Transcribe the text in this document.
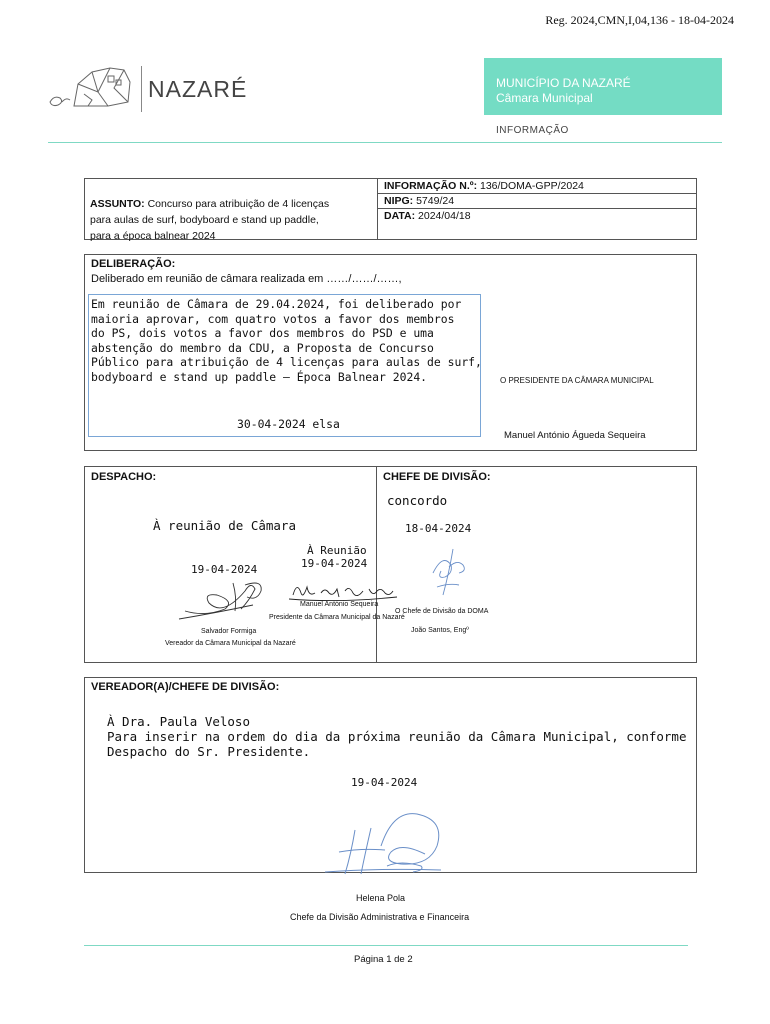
Reg. 2024,CMN,I,04,136 - 18-04-2024
NAZARÉ	MUNICÍPIO DA NAZARÉ
Câmara Municipal
INFORMAÇÃO
ASSUNTO: Concurso para atribuição de 4 licenças
para aulas de surf, bodyboard e stand up paddle,
para a época balnear 2024
INFORMAÇÃO N.º: 136/DOMA-GPP/2024
NIPG: 5749/24
DATA: 2024/04/18
DELIBERAÇÃO:
Deliberado em reunião de câmara realizada em ……/……/……,
Em reunião de Câmara de 29.04.2024, foi deliberado por
maioria aprovar, com quatro votos a favor dos membros
do PS, dois votos a favor dos membros do PSD e uma
abstenção do membro da CDU, a Proposta de Concurso
Público para atribuição de 4 licenças para aulas de surf,
bodyboard e stand up paddle – Época Balnear 2024.
30-04-2024 elsa
O PRESIDENTE DA CÂMARA MUNICIPAL
Manuel António Águeda Sequeira
DESPACHO:	CHEFE DE DIVISÃO:
À reunião de Câmara
19-04-2024
À Reunião
19-04-2024
Salvador Formiga
Vereador da Câmara Municipal da Nazaré
Manuel António Sequeira
Presidente da Câmara Municipal da Nazaré
concordo
18-04-2024
O Chefe de Divisão da DOMA
João Santos, Engº
VEREADOR(A)/CHEFE DE DIVISÃO:
À Dra. Paula Veloso
Para inserir na ordem do dia da próxima reunião da Câmara Municipal, conforme
Despacho do Sr. Presidente.
19-04-2024
Helena Pola
Chefe da Divisão Administrativa e Financeira
Página 1 de 2
